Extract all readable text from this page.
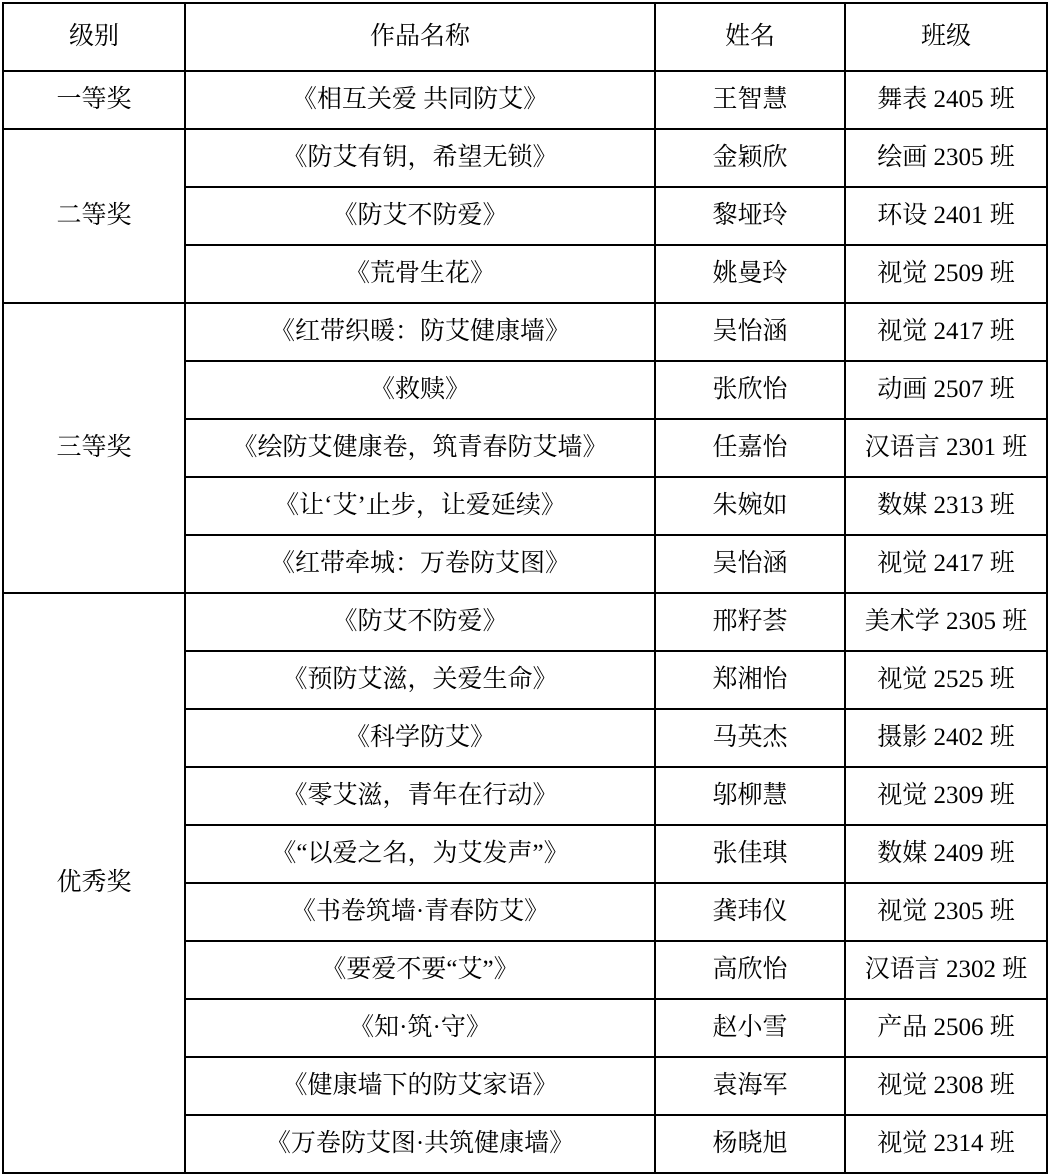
级别	作品名称	姓名	班级
一等奖	《相互关爱 共同防艾》	王智慧	舞表 2405 班
二等奖	《防艾有钥，希望无锁》	金颖欣	绘画 2305 班
	《防艾不防爱》	黎垭玲	环设 2401 班
	《荒骨生花》	姚曼玲	视觉 2509 班
三等奖	《红带织暖：防艾健康墙》	吴怡涵	视觉 2417 班
	《救赎》	张欣怡	动画 2507 班
	《绘防艾健康卷，筑青春防艾墙》	任嘉怡	汉语言 2301 班
	《让‘艾’止步，让爱延续》	朱婉如	数媒 2313 班
	《红带牵城：万卷防艾图》	吴怡涵	视觉 2417 班
优秀奖	《防艾不防爱》	邢籽荟	美术学 2305 班
	《预防艾滋，关爱生命》	郑湘怡	视觉 2525 班
	《科学防艾》	马英杰	摄影 2402 班
	《零艾滋，青年在行动》	邬柳慧	视觉 2309 班
	《“以爱之名，为艾发声”》	张佳琪	数媒 2409 班
	《书卷筑墙·青春防艾》	龚玮仪	视觉 2305 班
	《要爱不要“艾”》	高欣怡	汉语言 2302 班
	《知·筑·守》	赵小雪	产品 2506 班
	《健康墙下的防艾家语》	袁海军	视觉 2308 班
	《万卷防艾图·共筑健康墙》	杨晓旭	视觉 2314 班
